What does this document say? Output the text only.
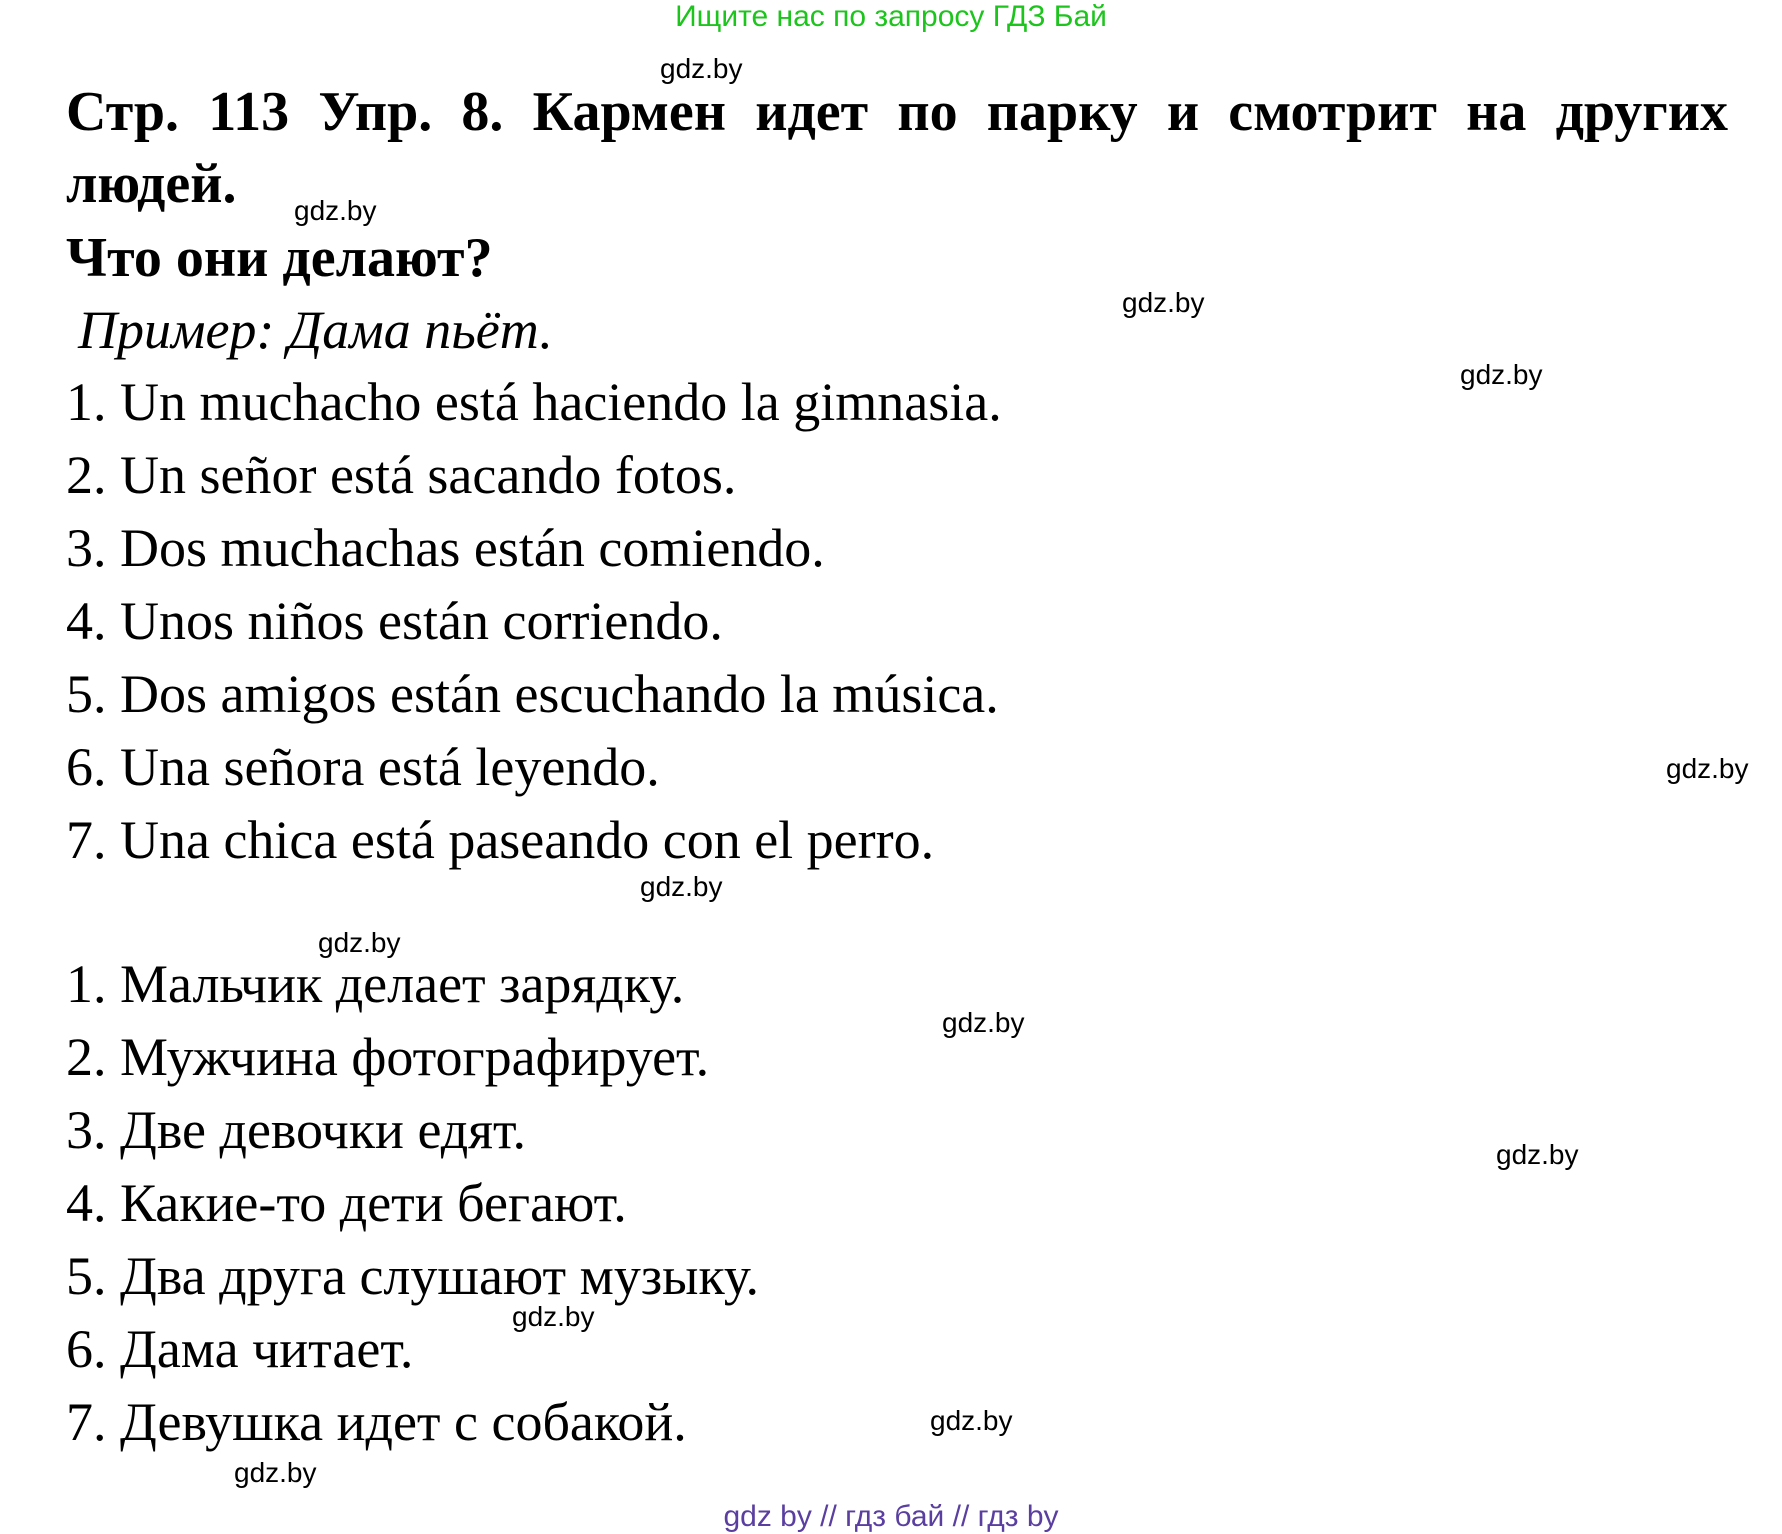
Ищите нас по запросу ГДЗ Бай
Стр. 113 Упр. 8. Кармен идет по парку и смотрит на других людей.
Что они делают?
Пример: Дама пьёт.
1. Un muchacho está haciendo la gimnasia.
2. Un señor está sacando fotos.
3. Dos muchachas están comiendo.
4. Unos niños están corriendo.
5. Dos amigos están escuchando la música.
6. Una señora está leyendo.
7. Una chica está paseando con el perro.
1. Мальчик делает зарядку.
2. Мужчина фотографирует.
3. Две девочки едят.
4. Какие-то дети бегают.
5. Два друга слушают музыку.
6. Дама читает.
7. Девушка идет с собакой.
gdz.by
gdz.by
gdz.by
gdz.by
gdz.by
gdz.by
gdz.by
gdz.by
gdz.by
gdz.by
gdz.by
gdz.by
gdz by // гдз бай // гдз by
